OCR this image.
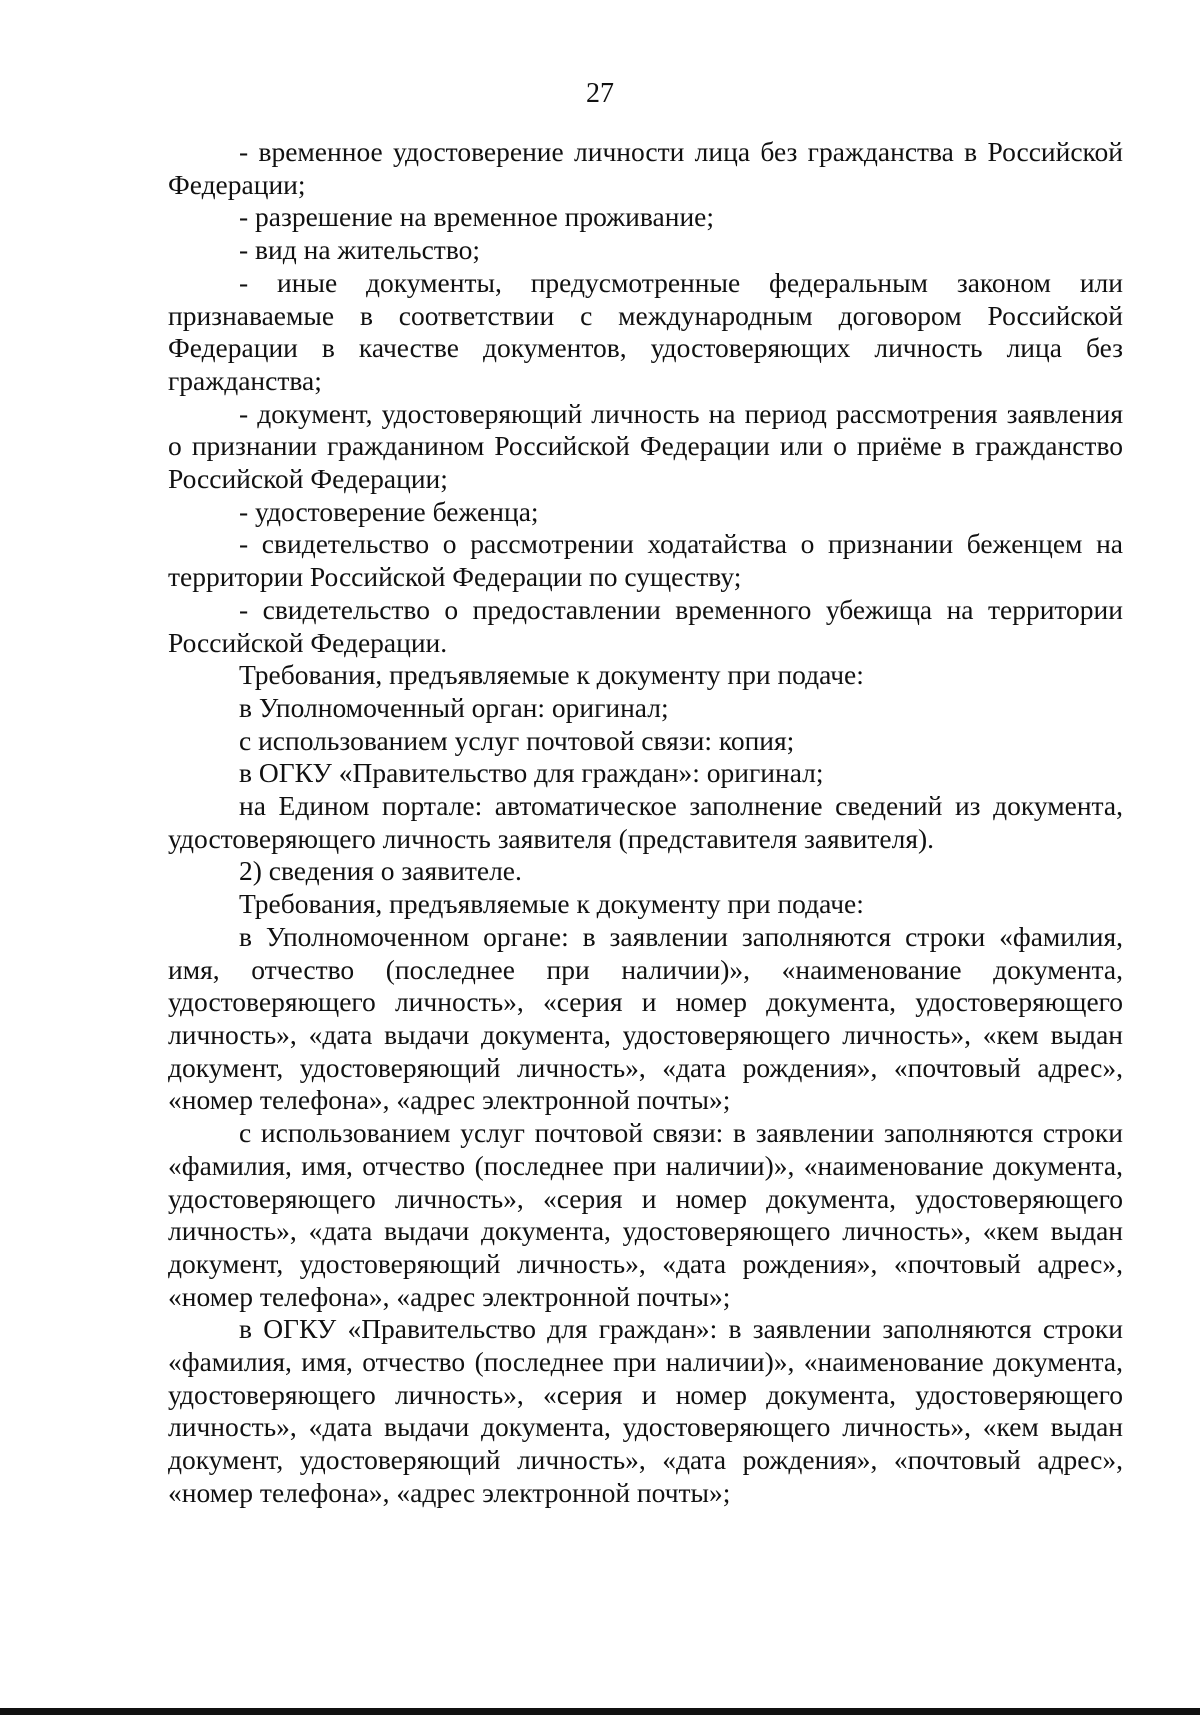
27

- временное удостоверение личности лица без гражданства в Российской Федерации;

- разрешение на временное проживание;

- вид на жительство;

- иные документы, предусмотренные федеральным законом или признаваемые в соответствии с международным договором Российской Федерации в качестве документов, удостоверяющих личность лица без гражданства;

- документ, удостоверяющий личность на период рассмотрения заявления о признании гражданином Российской Федерации или о приёме в гражданство Российской Федерации;

- удостоверение беженца;

- свидетельство о рассмотрении ходатайства о признании беженцем на территории Российской Федерации по существу;

- свидетельство о предоставлении временного убежища на территории Российской Федерации.

Требования, предъявляемые к документу при подаче:

в Уполномоченный орган: оригинал;

с использованием услуг почтовой связи: копия;

в ОГКУ «Правительство для граждан»: оригинал;

на Едином портале: автоматическое заполнение сведений из документа, удостоверяющего личность заявителя (представителя заявителя).

2) сведения о заявителе.

Требования, предъявляемые к документу при подаче:

в Уполномоченном органе: в заявлении заполняются строки «фамилия, имя, отчество (последнее при наличии)», «наименование документа, удостоверяющего личность», «серия и номер документа, удостоверяющего личность», «дата выдачи документа, удостоверяющего личность», «кем выдан документ, удостоверяющий личность», «дата рождения», «почтовый адрес», «номер телефона», «адрес электронной почты»;

с использованием услуг почтовой связи: в заявлении заполняются строки «фамилия, имя, отчество (последнее при наличии)», «наименование документа, удостоверяющего личность», «серия и номер документа, удостоверяющего личность», «дата выдачи документа, удостоверяющего личность», «кем выдан документ, удостоверяющий личность», «дата рождения», «почтовый адрес», «номер телефона», «адрес электронной почты»;

в ОГКУ «Правительство для граждан»: в заявлении заполняются строки «фамилия, имя, отчество (последнее при наличии)», «наименование документа, удостоверяющего личность», «серия и номер документа, удостоверяющего личность», «дата выдачи документа, удостоверяющего личность», «кем выдан документ, удостоверяющий личность», «дата рождения», «почтовый адрес», «номер телефона», «адрес электронной почты»;
